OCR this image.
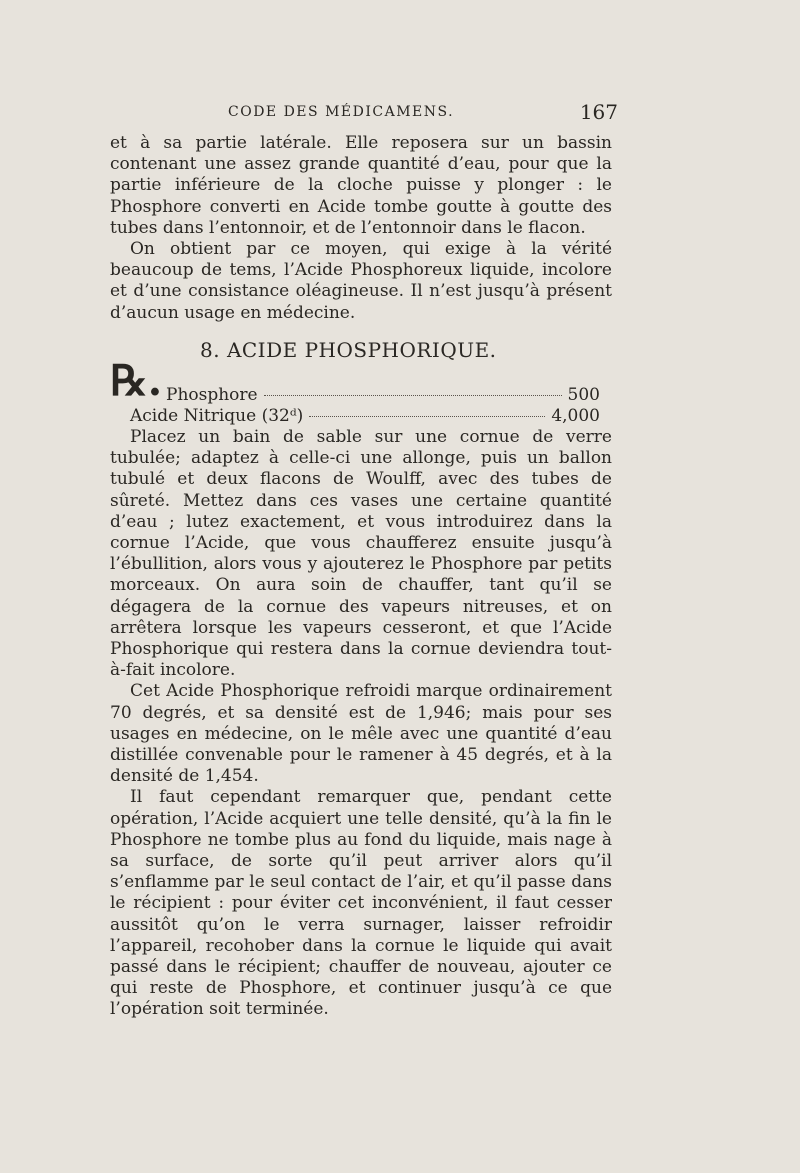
CODE DES MÉDICAMENS.	167

et à sa partie latérale. Elle reposera sur un bassin contenant une assez grande quantité d’eau, pour que la partie inférieure de la cloche puisse y plonger : le Phosphore converti en Acide tombe goutte à goutte des tubes dans l’entonnoir, et de l’entonnoir dans le flacon.

On obtient par ce moyen, qui exige à la vérité beaucoup de tems, l’Acide Phosphoreux liquide, incolore et d’une consistance oléagineuse. Il n’est jusqu’à présent d’aucun usage en médecine.

8. ACIDE PHOSPHORIQUE.
℞. Phosphore	500
Acide Nitrique (32ᵈ)	4,000

Placez un bain de sable sur une cornue de verre tubulée; adaptez à celle-ci une allonge, puis un ballon tubulé et deux flacons de Woulff, avec des tubes de sûreté. Mettez dans ces vases une certaine quantité d’eau ; lutez exactement, et vous introduirez dans la cornue l’Acide, que vous chaufferez ensuite jusqu’à l’ébullition, alors vous y ajouterez le Phosphore par petits morceaux. On aura soin de chauffer, tant qu’il se dégagera de la cornue des vapeurs nitreuses, et on arrêtera lorsque les vapeurs cesseront, et que l’Acide Phosphorique qui restera dans la cornue deviendra tout-à-fait incolore.

Cet Acide Phosphorique refroidi marque ordinairement 70 degrés, et sa densité est de 1,946; mais pour ses usages en médecine, on le mêle avec une quantité d’eau distillée convenable pour le ramener à 45 degrés, et à la densité de 1,454.

Il faut cependant remarquer que, pendant cette opération, l’Acide acquiert une telle densité, qu’à la fin le Phosphore ne tombe plus au fond du liquide, mais nage à sa surface, de sorte qu’il peut arriver alors qu’il s’enflamme par le seul contact de l’air, et qu’il passe dans le récipient : pour éviter cet inconvénient, il faut cesser aussitôt qu’on le verra surnager, laisser refroidir l’appareil, recohober dans la cornue le liquide qui avait passé dans le récipient; chauffer de nouveau, ajouter ce qui reste de Phosphore, et continuer jusqu’à ce que l’opération soit terminée.
